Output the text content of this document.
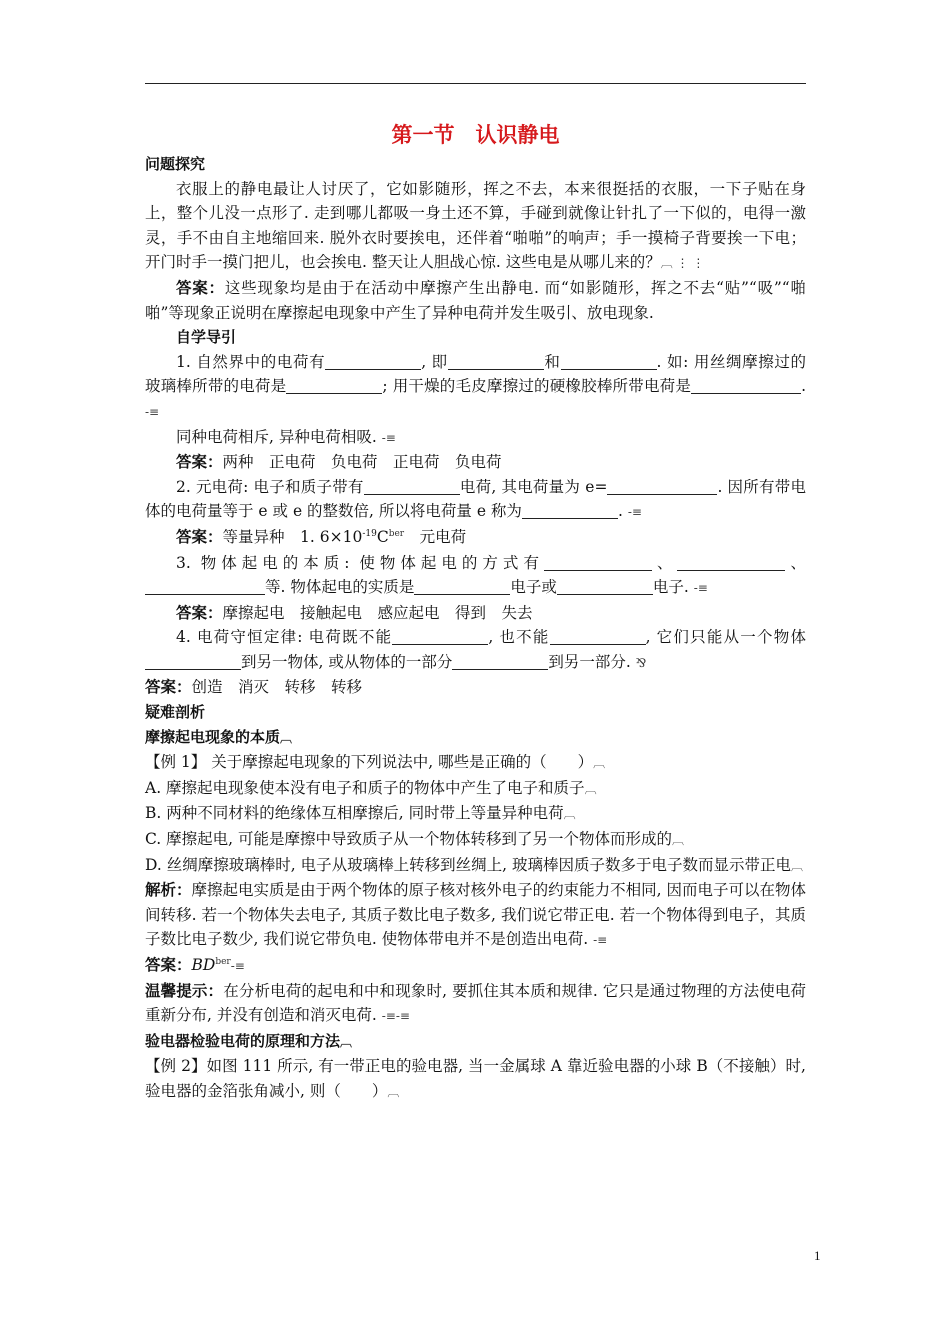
第一节　认识静电
问题探究

衣服上的静电最让人讨厌了，它如影随形，挥之不去，本来很挺括的衣服，一下子贴在身上，整个儿没一点形了. 走到哪儿都吸一身土还不算，手碰到就像让针扎了一下似的，电得一激灵，手不由自主地缩回来. 脱外衣时要挨电，还伴着“啪啪”的响声；手一摸椅子背要挨一下电；开门时手一摸门把儿，也会挨电. 整天让人胆战心惊. 这些电是从哪儿来的？︹ ⋮ ⋮

答案：这些现象均是由于在活动中摩擦产生出静电. 而“如影随形，挥之不去“贴”“吸”“啪啪”等现象正说明在摩擦起电现象中产生了异种电荷并发生吸引、放电现象.

自学导引

1. 自然界中的电荷有	, 即	和	. 如: 用丝绸摩擦过的玻璃棒所带的电荷是	; 用干燥的毛皮摩擦过的硬橡胶棒所带电荷是	. -≡

同种电荷相斥, 异种电荷相吸. -≡

答案：两种　正电荷　负电荷　正电荷　负电荷

2. 元电荷: 电子和质子带有	电荷, 其电荷量为 e=	. 因所有带电体的电荷量等于 e 或 e 的整数倍, 所以将电荷量 e 称为	. -≡

答案：等量异种　1. $6\times 10^{-19}C^{ber}$　元电荷

3. 物体起电的本质: 使物体起电的方式有	、	、等. 物体起电的实质是	电子或	电子. -≡

答案：摩擦起电　接触起电　感应起电　得到　失去

4. 电荷守恒定律: 电荷既不能	, 也不能	, 它们只能从一个物体到另一物体, 或从物体的一部分	到另一部分. ⅋

答案：创造　消灭　转移　转移

疑难剖析
摩擦起电现象的本质︹

【例 1】 关于摩擦起电现象的下列说法中, 哪些是正确的（　　）︹

A. 摩擦起电现象使本没有电子和质子的物体中产生了电子和质子︹

B. 两种不同材料的绝缘体互相摩擦后, 同时带上等量异种电荷︹

C. 摩擦起电, 可能是摩擦中导致质子从一个物体转移到了另一个物体而形成的︹

D. 丝绸摩擦玻璃棒时, 电子从玻璃棒上转移到丝绸上, 玻璃棒因质子数多于电子数而显示带正电︹

解析：摩擦起电实质是由于两个物体的原子核对核外电子的约束能力不相同, 因而电子可以在物体间转移. 若一个物体失去电子, 其质子数比电子数多, 我们说它带正电. 若一个物体得到电子，其质子数比电子数少, 我们说它带负电. 使物体带电并不是创造出电荷. -≡

答案：$BD^{ber}-\equiv$

温馨提示：在分析电荷的起电和中和现象时, 要抓住其本质和规律. 它只是通过物理的方法使电荷重新分布, 并没有创造和消灭电荷. -≡-≡

验电器检验电荷的原理和方法︹

【例 2】如图 111 所示, 有一带正电的验电器, 当一金属球 A 靠近验电器的小球 B（不接触）时, 验电器的金箔张角减小, 则（　　）︹

1
